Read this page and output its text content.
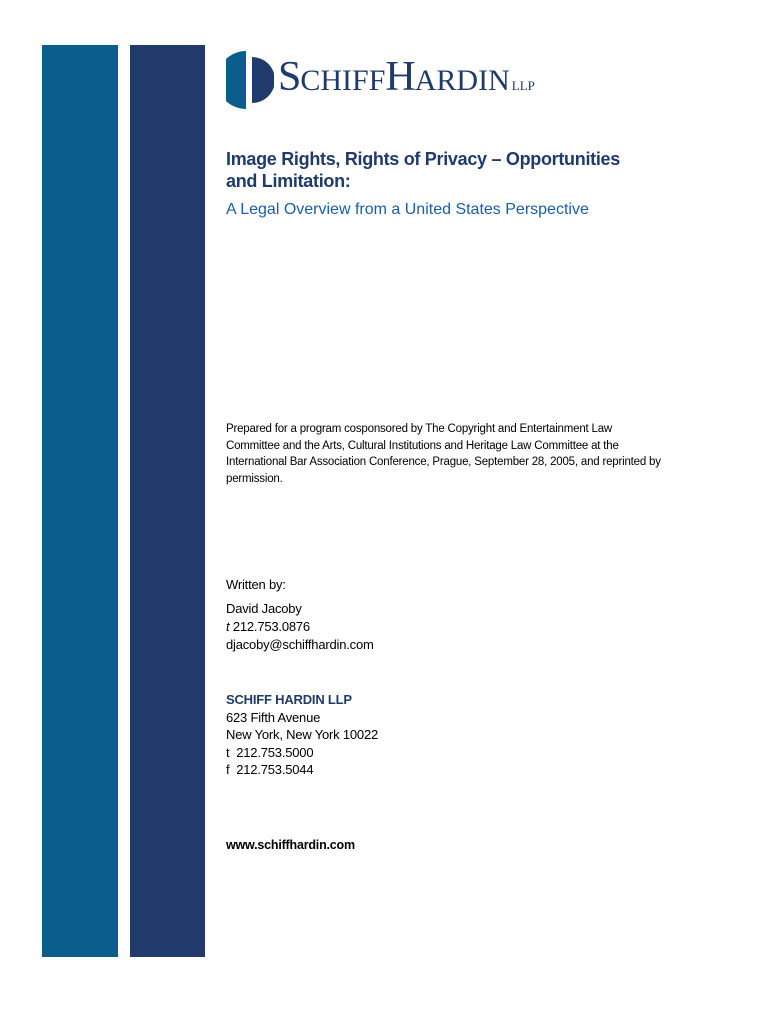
SCHIFFHARDIN LLP
Image Rights, Rights of Privacy – Opportunities
and Limitation:
A Legal Overview from a United States Perspective
Prepared for a program cosponsored by The Copyright and Entertainment Law
Committee and the Arts, Cultural Institutions and Heritage Law Committee at the
International Bar Association Conference, Prague, September 28, 2005, and reprinted by
permission.
Written by:
David Jacoby
t 212.753.0876
djacoby@schiffhardin.com
SCHIFF HARDIN LLP
623 Fifth Avenue
New York, New York 10022
t  212.753.5000
f  212.753.5044
www.schiffhardin.com
